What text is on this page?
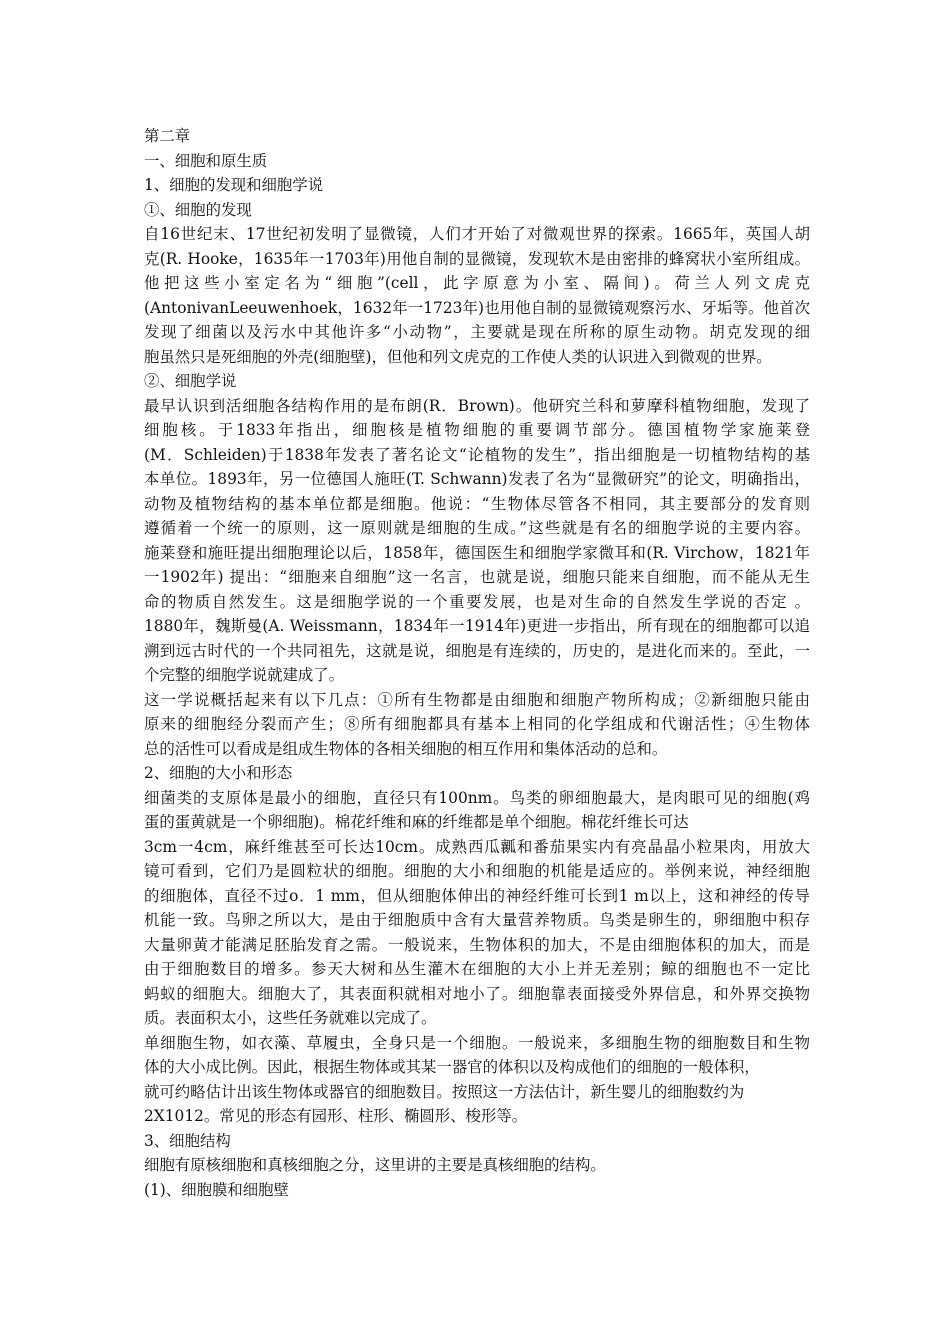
第二章
一、细胞和原生质
1、细胞的发现和细胞学说
①、细胞的发现
自16世纪末、17世纪初发明了显微镜，人们才开始了对微观世界的探索。1665年，英国人胡
克(R. Hooke，1635年一1703年)用他自制的显微镜，发现软木是由密排的蜂窝状小室所组成。
他把这些小室定名为“细胞”(cell，此字原意为小室、隔间)。荷兰人列文虎克
(AntonivanLeeuwenhoek，1632年一1723年)也用他自制的显微镜观察污水、牙垢等。他首次
发现了细菌以及污水中其他许多“小动物”，主要就是现在所称的原生动物。胡克发现的细
胞虽然只是死细胞的外壳(细胞壁)，但他和列文虎克的工作使人类的认识进入到微观的世界。
②、细胞学说
最早认识到活细胞各结构作用的是布朗(R．Brown)。他研究兰科和萝摩科植物细胞，发现了
细胞核。于1833年指出，细胞核是植物细胞的重要调节部分。德国植物学家施莱登
(M．Schleiden)于1838年发表了著名论文“论植物的发生”，指出细胞是一切植物结构的基
本单位。1893年，另一位德国人施旺(T. Schwann)发表了名为“显微研究”的论文，明确指出，
动物及植物结构的基本单位都是细胞。他说：“生物体尽管各不相同，其主要部分的发育则
遵循着一个统一的原则，这一原则就是细胞的生成。”这些就是有名的细胞学说的主要内容。
施莱登和施旺提出细胞理论以后，1858年，德国医生和细胞学家微耳和(R. Virchow，1821年
一1902年) 提出：“细胞来自细胞”这一名言，也就是说，细胞只能来自细胞，而不能从无生
命的物质自然发生。这是细胞学说的一个重要发展，也是对生命的自然发生学说的否定 。
1880年，魏斯曼(A. Weissmann，1834年一1914年)更进一步指出，所有现在的细胞都可以追
溯到远古时代的一个共同祖先，这就是说，细胞是有连续的，历史的，是进化而来的。至此，一
个完整的细胞学说就建成了。
这一学说概括起来有以下几点：①所有生物都是由细胞和细胞产物所构成；②新细胞只能由
原来的细胞经分裂而产生；⑧所有细胞都具有基本上相同的化学组成和代谢活性；④生物体
总的活性可以看成是组成生物体的各相关细胞的相互作用和集体活动的总和。
2、细胞的大小和形态
细菌类的支原体是最小的细胞，直径只有100nm。鸟类的卵细胞最大，是肉眼可见的细胞(鸡
蛋的蛋黄就是一个卵细胞)。棉花纤维和麻的纤维都是单个细胞。棉花纤维长可达
3cm一4cm，麻纤维甚至可长达10cm。成熟西瓜瓤和番茄果实内有亮晶晶小粒果肉，用放大
镜可看到，它们乃是圆粒状的细胞。细胞的大小和细胞的机能是适应的。举例来说，神经细胞
的细胞体，直径不过o．1 mm，但从细胞体伸出的神经纤维可长到1 m以上，这和神经的传导
机能一致。鸟卵之所以大，是由于细胞质中含有大量营养物质。鸟类是卵生的，卵细胞中积存
大量卵黄才能满足胚胎发育之需。一般说来，生物体积的加大，不是由细胞体积的加大，而是
由于细胞数目的增多。参天大树和丛生灌木在细胞的大小上并无差别；鲸的细胞也不一定比
蚂蚁的细胞大。细胞大了，其表面积就相对地小了。细胞靠表面接受外界信息，和外界交换物
质。表面积太小，这些任务就难以完成了。
单细胞生物，如衣藻、草履虫，全身只是一个细胞。一般说来，多细胞生物的细胞数目和生物
体的大小成比例。因此，根据生物体或其某一器官的体积以及构成他们的细胞的一般体积，
就可约略估计出该生物体或器官的细胞数目。按照这一方法估计，新生婴儿的细胞数约为
2X1012。常见的形态有园形、柱形、椭圆形、梭形等。
3、细胞结构
细胞有原核细胞和真核细胞之分，这里讲的主要是真核细胞的结构。
(1)、细胞膜和细胞壁
